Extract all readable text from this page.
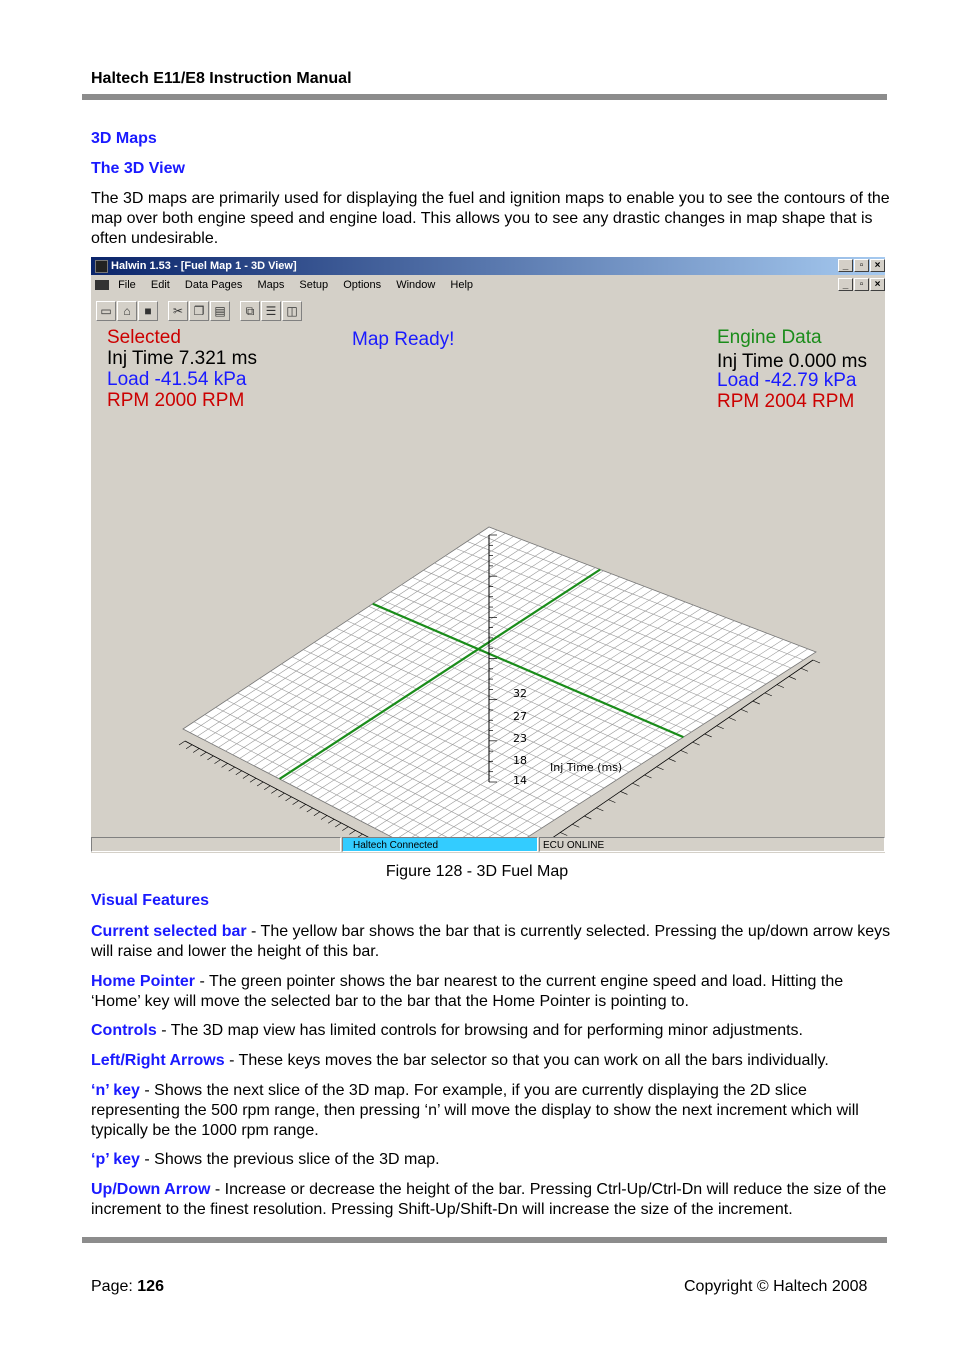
Haltech E11/E8 Instruction Manual
3D Maps
The 3D View
The 3D maps are primarily used for displaying the fuel and ignition maps to enable you to see the contours of the map over both engine speed and engine load. This allows you to see any drastic changes in map shape that is often undesirable.
Halwin 1.53 - [Fuel Map 1 - 3D View]	_	▫	×
File Edit Data Pages Maps Setup Options Window Help	_	▫	×
▭ ⌂	■	✂ ❐ ▤	⧉ ☰ ◫
Selected
Inj Time 7.321 ms
Load -41.54 kPa
RPM 2000 RPM
Map Ready!	Engine Data
Inj Time 0.000 ms
Load -42.79 kPa
RPM 2004 RPM
32
27
23
18
14
Inj Time (ms)
Haltech Connected	ECU ONLINE
Figure 128 - 3D Fuel Map
Visual Features
Current selected bar - The yellow bar shows the bar that is currently selected. Pressing the up/down arrow keys will raise and lower the height of this bar.
Home Pointer - The green pointer shows the bar nearest to the current engine speed and load. Hitting the ‘Home’ key will move the selected bar to the bar that the Home Pointer is pointing to.
Controls - The 3D map view has limited controls for browsing and for performing minor adjustments.
Left/Right Arrows - These keys moves the bar selector so that you can work on all the bars individually.
‘n’ key - Shows the next slice of the 3D map. For example, if you are currently displaying the 2D slice representing the 500 rpm range, then pressing ‘n’ will move the display to show the next increment which will typically be the 1000 rpm range.
‘p’ key - Shows the previous slice of the 3D map.
Up/Down Arrow - Increase or decrease the height of the bar. Pressing Ctrl-Up/Ctrl-Dn will reduce the size of the increment to the finest resolution. Pressing Shift-Up/Shift-Dn will increase the size of the increment.
Page: 126	Copyright © Haltech 2008
